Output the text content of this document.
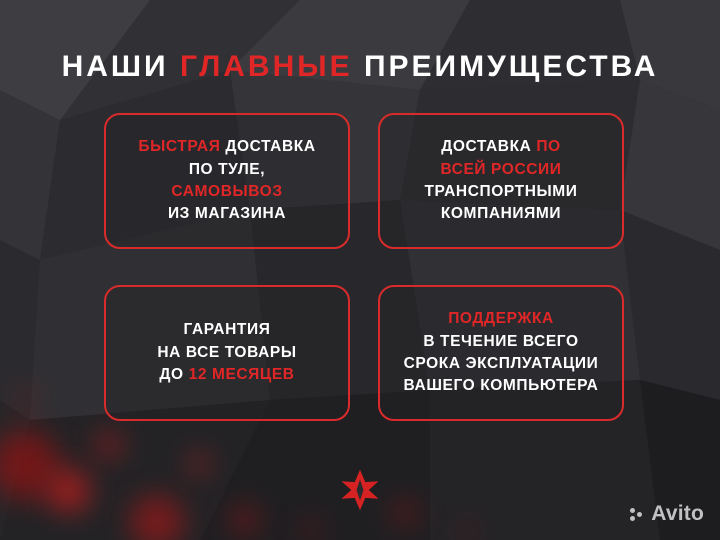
НАШИ ГЛАВНЫЕ ПРЕИМУЩЕСТВА
БЫСТРАЯ ДОСТАВКА
ПО ТУЛЕ,
САМОВЫВОЗ
ИЗ МАГАЗИНА
ДОСТАВКА ПО
ВСЕЙ РОССИИ
ТРАНСПОРТНЫМИ
КОМПАНИЯМИ
ГАРАНТИЯ
НА ВСЕ ТОВАРЫ
ДО 12 МЕСЯЦЕВ
ПОДДЕРЖКА
В ТЕЧЕНИЕ ВСЕГО
СРОКА ЭКСПЛУАТАЦИИ
ВАШЕГО КОМПЬЮТЕРА
Avito
